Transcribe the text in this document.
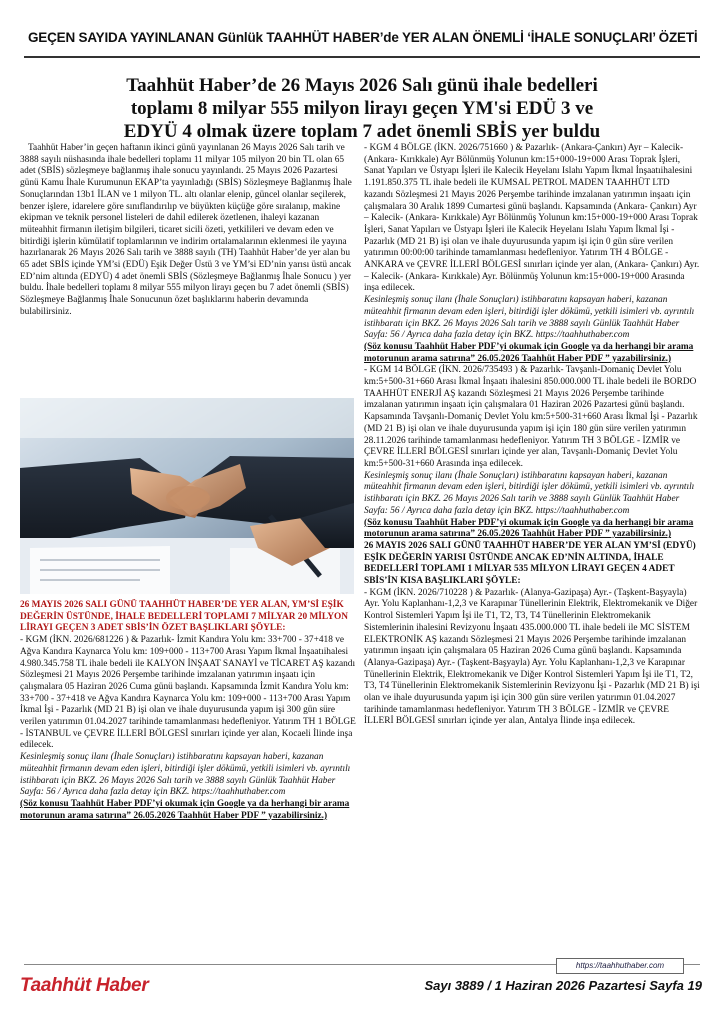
GEÇEN SAYIDA YAYINLANAN Günlük TAAHHÜT HABER’de YER ALAN ÖNEMLİ ‘İHALE SONUÇLARI’ ÖZETİ
Taahhüt Haber’de 26 Mayıs 2026 Salı günü ihale bedelleri
toplamı 8 milyar 555 milyon lirayı geçen YM'si EDÜ 3 ve
EDYÜ 4 olmak üzere toplam 7 adet önemli SBİS yer buldu

Taahhüt Haber’in geçen haftanın ikinci günü yayınlanan 26 Mayıs 2026 Salı tarih ve 3888 sayılı nüshasında ihale bedelleri toplamı 11 milyar 105 milyon 20 bin TL olan 65 adet (SBİS) sözleşmeye bağlanmış ihale sonucu yayınlandı. 25 Mayıs 2026 Pazartesi günü Kamu İhale Kurumunun EKAP’ta yayınladığı (SBİS) Sözleşmeye Bağlanmış İhale Sonuçlarından 13b1 İLAN ve 1 milyon TL. altı olanlar elenip, güncel olanlar seçilerek, benzer işlere, idarelere göre sınıflandırılıp ve büyükten küçüğe göre sıralanıp, makine ekipman ve teknik personel listeleri de dahil edilerek özetlenen, ihaleyi kazanan müteahhit firmanın iletişim bilgileri, ticaret sicili özeti, yetkilileri ve devam eden ve bitirdiği işlerin kümülatif toplamlarının ve indirim ortalamalarının eklenmesi ile yayına hazırlanarak 26 Mayıs 2026 Salı tarih ve 3888 sayılı (TH) Taahhüt Haber’de yer alan bu 65 adet SBİS içinde YM’si (EDÜ) Eşik Değer Üstü 3 ve YM’si ED’nin yarısı üstü ancak ED’nim altında (EDYÜ) 4 adet önemli SBİS (Sözleşmeye Bağlanmış İhale Sonucu ) yer buldu. İhale bedelleri toplamı 8 milyar 555 milyon lirayı geçen bu 7 adet önemli (SBİS) Sözleşmeye Bağlanmış İhale Sonucunun özet başlıklarını haberin devamında bulabilirsiniz.

26 MAYIS 2026 SALI GÜNÜ TAAHHÜT HABER’DE YER ALAN, YM’Sİ EŞİK DEĞERİN ÜSTÜNDE, İHALE BEDELLERİ TOPLAMI 7 MİLYAR 20 MİLYON LİRAYI GEÇEN 3 ADET SBİS’İN ÖZET BAŞLIKLARI ŞÖYLE:

- KGM (İKN. 2026/681226 ) & Pazarlık- İzmit Kandıra Yolu km: 33+700 - 37+418 ve Ağva Kandıra Kaynarca Yolu km: 109+000 - 113+700 Arası Yapım İkmal İnşaatıihalesi 4.980.345.758 TL ihale bedeli ile KALYON İNŞAAT SANAYİ ve TİCARET AŞ kazandı Sözleşmesi 21 Mayıs 2026 Perşembe tarihinde imzalanan yatırımın inşaatı için çalışmalara 05 Haziran 2026 Cuma günü başlandı. Kapsamında İzmit Kandıra Yolu km: 33+700 - 37+418 ve Ağva Kandıra Kaynarca Yolu km: 109+000 - 113+700 Arası Yapım İkmal İşi - Pazarlık (MD 21 B) işi olan ve ihale duyurusunda yapım işi 300 gün süre verilen yatırımın 01.04.2027 tarihinde tamamlanması hedefleniyor. Yatırım TH 1 BÖLGE - İSTANBUL ve ÇEVRE İLLERİ BÖLGESİ sınırları içinde yer alan, Kocaeli İlinde inşa edilecek.

Kesinleşmiş sonuç ilanı (İhale Sonuçları) istihbaratını kapsayan haberi, kazanan müteahhit firmanın devam eden işleri, bitirdiği işler dökümü, yetkili isimleri vb. ayrıntılı istihbaratı için BKZ. 26 Mayıs 2026 Salı tarih ve 3888 sayılı Günlük Taahhüt Haber Sayfa: 56 / Ayrıca daha fazla detay için BKZ. https://taahhuthaber.com

(Söz konusu Taahhüt Haber PDF’yi okumak için Google ya da herhangi bir arama motorunun arama satırına” 26.05.2026 Taahhüt Haber PDF ” yazabilirsiniz.)

- KGM 4 BÖLGE (İKN. 2026/751660 ) & Pazarlık- (Ankara-Çankırı) Ayr – Kalecik- (Ankara- Kırıkkale) Ayr Bölünmüş Yolunun km:15+000-19+000 Arası Toprak İşleri, Sanat Yapıları ve Üstyapı İşleri ile Kalecik Heyelanı Islahı Yapım İkmal İnşaatıihalesini 1.191.850.375 TL ihale bedeli ile KUMSAL PETROL MADEN TAAHHÜT LTD kazandı Sözleşmesi 21 Mayıs 2026 Perşembe tarihinde imzalanan yatırımın inşaatı için çalışmalara 30 Aralık 1899 Cumartesi günü başlandı. Kapsamında (Ankara- Çankırı) Ayr – Kalecik- (Ankara- Kırıkkale) Ayr Bölünmüş Yolunun km:15+000-19+000 Arası Toprak İşleri, Sanat Yapıları ve Üstyapı İşleri ile Kalecik Heyelanı Islahı Yapım İkmal İşi - Pazarlık (MD 21 B) işi olan ve ihale duyurusunda yapım işi için 0 gün süre verilen yatırımın 00:00:00 tarihinde tamamlanması hedefleniyor. Yatırım TH 4 BÖLGE - ANKARA ve ÇEVRE İLLERİ BÖLGESİ sınırları içinde yer alan, (Ankara- Çankırı) Ayr. – Kalecik- (Ankara- Kırıkkale) Ayr. Bölünmüş Yolunun km:15+000-19+000 Arasında inşa edilecek.

Kesinleşmiş sonuç ilanı (İhale Sonuçları) istihbaratını kapsayan haberi, kazanan müteahhit firmanın devam eden işleri, bitirdiği işler dökümü, yetkili isimleri vb. ayrıntılı istihbaratı için BKZ. 26 Mayıs 2026 Salı tarih ve 3888 sayılı Günlük Taahhüt Haber Sayfa: 56 / Ayrıca daha fazla detay için BKZ. https://taahhuthaber.com

(Söz konusu Taahhüt Haber PDF’yi okumak için Google ya da herhangi bir arama motorunun arama satırına” 26.05.2026 Taahhüt Haber PDF ” yazabilirsiniz.)

- KGM 14 BÖLGE (İKN. 2026/735493 ) & Pazarlık- Tavşanlı-Domaniç Devlet Yolu km:5+500-31+660 Arası İkmal İnşaatı ihalesini 850.000.000 TL ihale bedeli ile BORDO TAAHHÜT ENERJİ AŞ kazandı Sözleşmesi 21 Mayıs 2026 Perşembe tarihinde imzalanan yatırımın inşaatı için çalışmalara 01 Haziran 2026 Pazartesi günü başlandı. Kapsamında Tavşanlı-Domaniç Devlet Yolu km:5+500-31+660 Arası İkmal İşi - Pazarlık (MD 21 B) işi olan ve ihale duyurusunda yapım işi için 180 gün süre verilen yatırımın 28.11.2026 tarihinde tamamlanması hedefleniyor. Yatırım TH 3 BÖLGE - İZMİR ve ÇEVRE İLLERİ BÖLGESİ sınırları içinde yer alan, Tavşanlı-Domaniç Devlet Yolu km:5+500-31+660 Arasında inşa edilecek.

Kesinleşmiş sonuç ilanı (İhale Sonuçları) istihbaratını kapsayan haberi, kazanan müteahhit firmanın devam eden işleri, bitirdiği işler dökümü, yetkili isimleri vb. ayrıntılı istihbaratı için BKZ. 26 Mayıs 2026 Salı tarih ve 3888 sayılı Günlük Taahhüt Haber Sayfa: 56 / Ayrıca daha fazla detay için BKZ. https://taahhuthaber.com

(Söz konusu Taahhüt Haber PDF’yi okumak için Google ya da herhangi bir arama motorunun arama satırına” 26.05.2026 Taahhüt Haber PDF ” yazabilirsiniz.)

26 MAYIS 2026 SALI GÜNÜ TAAHHÜT HABER’DE YER ALAN YM’Sİ (EDYÜ) EŞİK DEĞERİN YARISI ÜSTÜNDE ANCAK ED’NİN ALTINDA, İHALE BEDELLERİ TOPLAMI 1 MİLYAR 535 MİLYON LİRAYI GEÇEN 4 ADET SBİS’İN KISA BAŞLIKLARI ŞÖYLE:

- KGM (İKN. 2026/710228 ) & Pazarlık- (Alanya-Gazipaşa) Ayr.- (Taşkent-Başyayla) Ayr. Yolu Kaplanhanı-1,2,3 ve Karapınar Tünellerinin Elektrik, Elektromekanik ve Diğer Kontrol Sistemleri Yapım İşi ile T1, T2, T3, T4 Tünellerinin Elektromekanik Sistemlerinin ihalesini Revizyonu İnşaatı 435.000.000 TL ihale bedeli ile MC SİSTEM ELEKTRONİK AŞ kazandı Sözleşmesi 21 Mayıs 2026 Perşembe tarihinde imzalanan yatırımın inşaatı için çalışmalara 05 Haziran 2026 Cuma günü başlandı. Kapsamında (Alanya-Gazipaşa) Ayr.- (Taşkent-Başyayla) Ayr. Yolu Kaplanhanı-1,2,3 ve Karapınar Tünellerinin Elektrik, Elektromekanik ve Diğer Kontrol Sistemleri Yapım İşi ile T1, T2, T3, T4 Tünellerinin Elektromekanik Sistemlerinin Revizyonu İşi - Pazarlık (MD 21 B) işi olan ve ihale duyurusunda yapım işi için 300 gün süre verilen yatırımın 01.04.2027 tarihinde tamamlanması hedefleniyor. Yatırım TH 3 BÖLGE - İZMİR ve ÇEVRE İLLERİ BÖLGESİ sınırları içinde yer alan, Antalya İlinde inşa edilecek.

https://taahhuthaber.com
Taahhüt Haber	Sayı 3889 / 1 Haziran 2026 Pazartesi Sayfa 19
